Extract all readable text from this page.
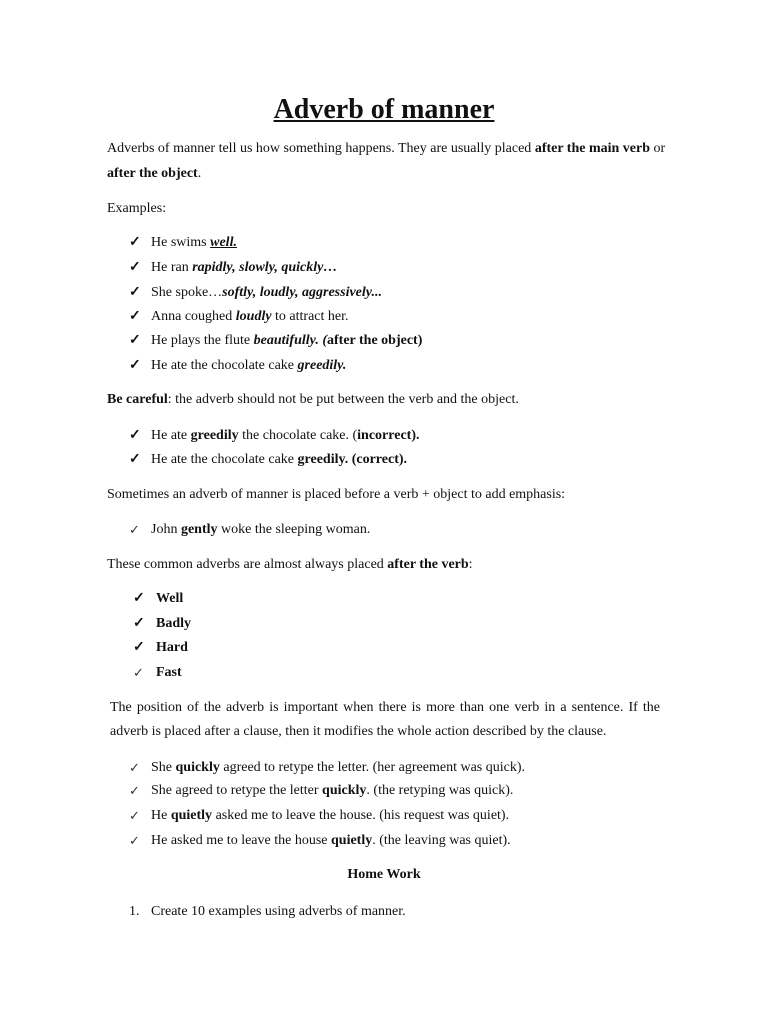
Adverb of manner
Adverbs of manner tell us how something happens. They are usually placed after the main verb or
after the object.
Examples:
✓ He swims well.
✓ He ran rapidly, slowly, quickly…
✓ She spoke…softly, loudly, aggressively...
✓ Anna coughed loudly to attract her.
✓ He plays the flute beautifully. (after the object)
✓ He ate the chocolate cake greedily.
Be careful: the adverb should not be put between the verb and the object.
✓ He ate greedily the chocolate cake. (incorrect).
✓ He ate the chocolate cake greedily. (correct).
Sometimes an adverb of manner is placed before a verb + object to add emphasis:
✓ John gently woke the sleeping woman.
These common adverbs are almost always placed after the verb:
✓ Well
✓ Badly
✓ Hard
✓ Fast
The position of the adverb is important when there is more than one verb in a sentence. If the
adverb is placed after a clause, then it modifies the whole action described by the clause.
✓ She quickly agreed to retype the letter. (her agreement was quick).
✓ She agreed to retype the letter quickly. (the retyping was quick).
✓ He quietly asked me to leave the house. (his request was quiet).
✓ He asked me to leave the house quietly. (the leaving was quiet).
Home Work
1. Create 10 examples using adverbs of manner.
